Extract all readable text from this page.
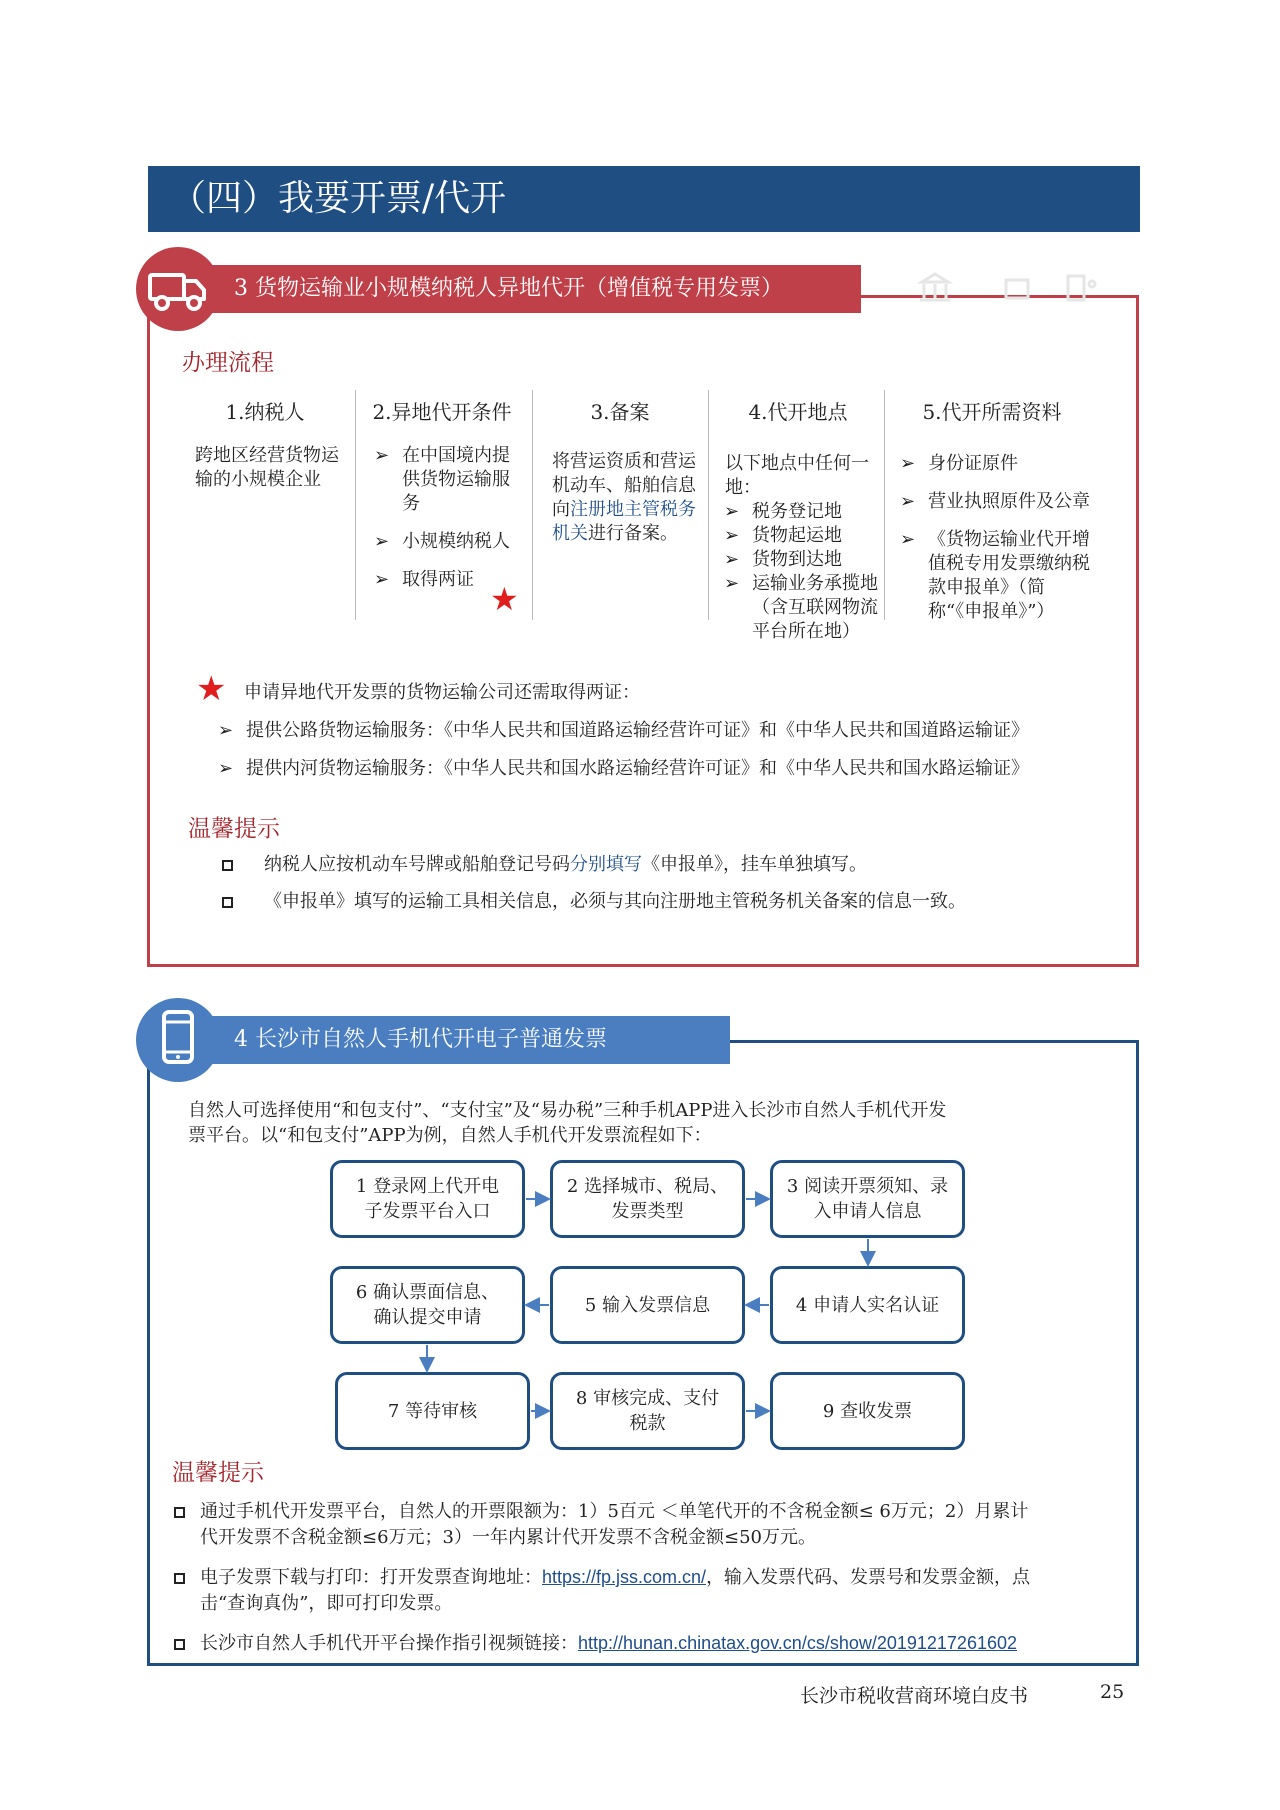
（四）我要开票/代开
3 货物运输业小规模纳税人异地代开（增值税专用发票）
办理流程
1.纳税人
跨地区经营货物运输的小规模企业
2.异地代开条件
➢ 在中国境内提供货物运输服务
➢ 小规模纳税人
➢ 取得两证
★
3.备案
将营运资质和营运机动车、船舶信息向注册地主管税务机关进行备案。
4.代开地点
以下地点中任何一地：
➢ 税务登记地
➢ 货物起运地
➢ 货物到达地
➢ 运输业务承揽地（含互联网物流平台所在地）
5.代开所需资料
➢ 身份证原件
➢ 营业执照原件及公章
➢ 《货物运输业代开增值税专用发票缴纳税款申报单》（简称“《申报单》”）
★ 申请异地代开发票的货物运输公司还需取得两证：
➢ 提供公路货物运输服务：《中华人民共和国道路运输经营许可证》和《中华人民共和国道路运输证》
➢ 提供内河货物运输服务：《中华人民共和国水路运输经营许可证》和《中华人民共和国水路运输证》
温馨提示
纳税人应按机动车号牌或船舶登记号码分别填写《申报单》，挂车单独填写。
《申报单》填写的运输工具相关信息，必须与其向注册地主管税务机关备案的信息一致。
4 长沙市自然人手机代开电子普通发票
自然人可选择使用“和包支付”、“支付宝”及“易办税”三种手机APP进入长沙市自然人手机代开发
票平台。以“和包支付”APP为例，自然人手机代开发票流程如下：
1 登录网上代开电子发票平台入口
2 选择城市、税局、发票类型
3 阅读开票须知、录入申请人信息
6 确认票面信息、确认提交申请
5 输入发票信息	4 申请人实名认证
7 等待审核
8 审核完成、支付税款
9 查收发票
温馨提示
通过手机代开发票平台，自然人的开票限额为：1）5百元 ＜单笔代开的不含税金额≤ 6万元；2）月累计
代开发票不含税金额≤6万元；3）一年内累计代开发票不含税金额≤50万元。
电子发票下载与打印：打开发票查询地址：https://fp.jss.com.cn/，输入发票代码、发票号和发票金额，点
击“查询真伪”，即可打印发票。
长沙市自然人手机代开平台操作指引视频链接：http://hunan.chinatax.gov.cn/cs/show/20191217261602
长沙市税收营商环境白皮书	25
